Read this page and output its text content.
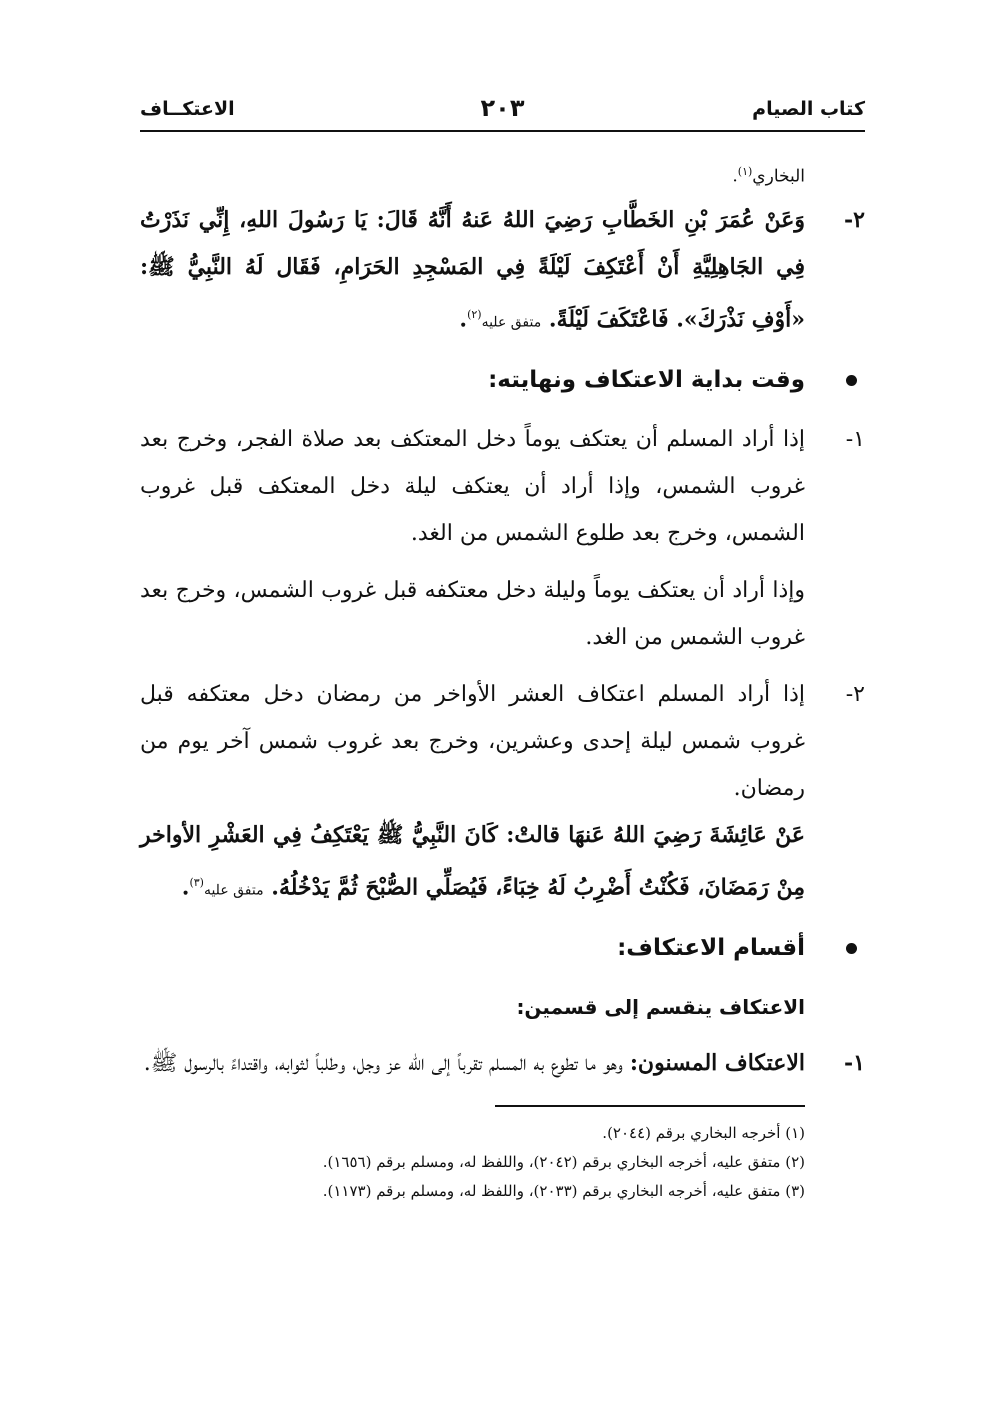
كتاب الصيام
٢٠٣
الاعتكــاف

البخاري$^{(١)}$.

٢-وَعَنْ عُمَرَ بْنِ الخَطَّابِ رَضِيَ اللهُ عَنهُ أَنَّهُ قَالَ: يَا رَسُولَ اللهِ، إِنِّي نَذَرْتُ فِي الجَاهِلِيَّةِ أَنْ أَعْتَكِفَ لَيْلَةً فِي المَسْجِدِ الحَرَامِ، فَقَال لَهُ النَّبِيُّ ﷺ: «أَوْفِ نَذْرَكَ». فَاعْتَكَفَ لَيْلَةً. متفق عليه$^{(٢)}$.

وقت بداية الاعتكاف ونهايته:

١-إذا أراد المسلم أن يعتكف يوماً دخل المعتكف بعد صلاة الفجر، وخرج بعد غروب الشمس، وإذا أراد أن يعتكف ليلة دخل المعتكف قبل غروب الشمس، وخرج بعد طلوع الشمس من الغد.

وإذا أراد أن يعتكف يوماً وليلة دخل معتكفه قبل غروب الشمس، وخرج بعد غروب الشمس من الغد.

٢-إذا أراد المسلم اعتكاف العشر الأواخر من رمضان دخل معتكفه قبل غروب شمس ليلة إحدى وعشرين، وخرج بعد غروب شمس آخر يوم من رمضان.

عَنْ عَائِشَةَ رَضِيَ اللهُ عَنهَا قالتْ: كَانَ النَّبِيُّ ﷺ يَعْتَكِفُ فِي العَشْرِ الأواخر مِنْ رَمَضَانَ، فَكُنْتُ أَضْرِبُ لَهُ خِبَاءً، فَيُصَلِّي الصُّبْحَ ثُمَّ يَدْخُلُهُ. متفق عليه$^{(٣)}$.

أقسام الاعتكاف:

الاعتكاف ينقسم إلى قسمين:

١-الاعتكاف المسنون: وهو ما تطوع به المسلم تقرباً إلى الله عز وجل، وطلباً لثوابه، واقتداءً بالرسول ﷺ.

(١) أخرجه البخاري برقم (٢٠٤٤).

(٢) متفق عليه، أخرجه البخاري برقم (٢٠٤٢)، واللفظ له، ومسلم برقم (١٦٥٦).

(٣) متفق عليه، أخرجه البخاري برقم (٢٠٣٣)، واللفظ له، ومسلم برقم (١١٧٣).
